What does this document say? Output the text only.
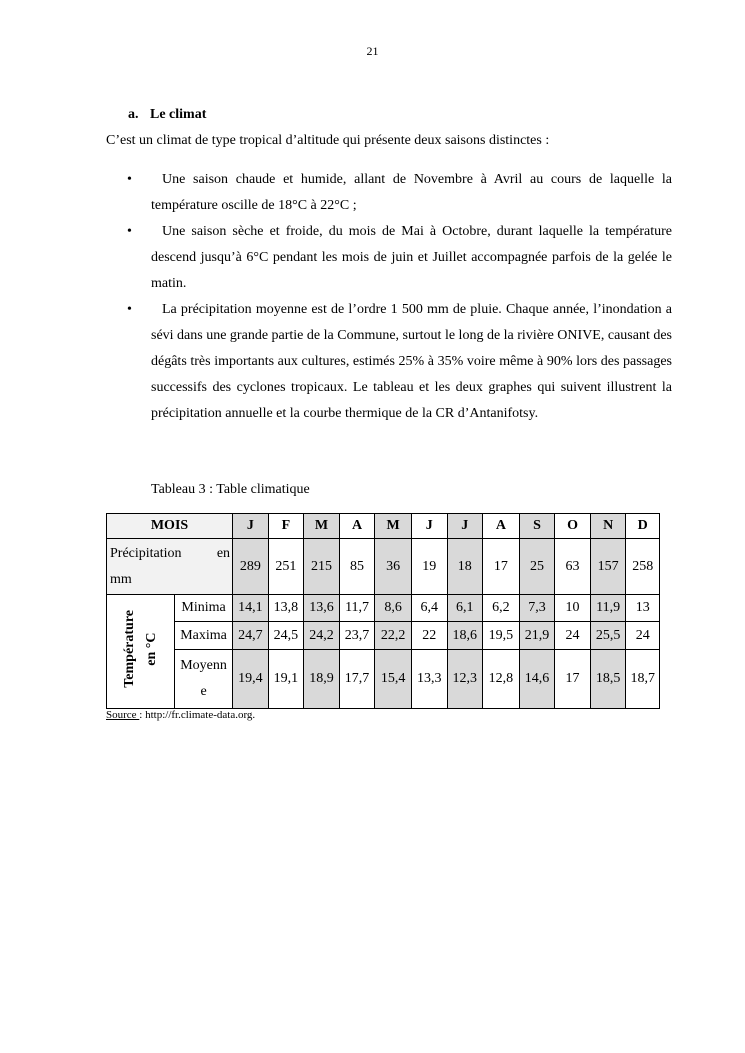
21
a. Le climat
C’est un climat de type tropical d’altitude qui présente deux saisons distinctes :
•	Une saison chaude et humide, allant de Novembre à Avril au cours de laquelle la température oscille de 18°C à 22°C ;
•	Une saison sèche et froide, du mois de Mai à Octobre, durant laquelle la température descend jusqu’à 6°C pendant les mois de juin et Juillet accompagnée parfois de la gelée le matin.
•	La précipitation moyenne est de l’ordre 1 500 mm de pluie. Chaque année, l’inondation a sévi dans une grande partie de la Commune, surtout le long de la rivière ONIVE, causant des dégâts très importants aux cultures, estimés 25% à 35% voire même à 90% lors des passages successifs des cyclones tropicaux. Le tableau et les deux graphes qui suivent illustrent la précipitation annuelle et la courbe thermique de la CR d’Antanifotsy.
Tableau 3 : Table climatique
MOIS		J	F	M	A	M	J	J	A	S	O	N	D

Précipitation en
mm		289	251	215	85	36	19	18	17	25	63	157	258
Température en °C	Minima	14,1	13,8	13,6	11,7	8,6	6,4	6,1	6,2	7,3	10	11,9	13
	Maxima	24,7	24,5	24,2	23,7	22,2	22	18,6	19,5	21,9	24	25,5	24
	Moyenn
e	19,4	19,1	18,9	17,7	15,4	13,3	12,3	12,8	14,6	17	18,5	18,7
Source : http://fr.climate-data.org.
